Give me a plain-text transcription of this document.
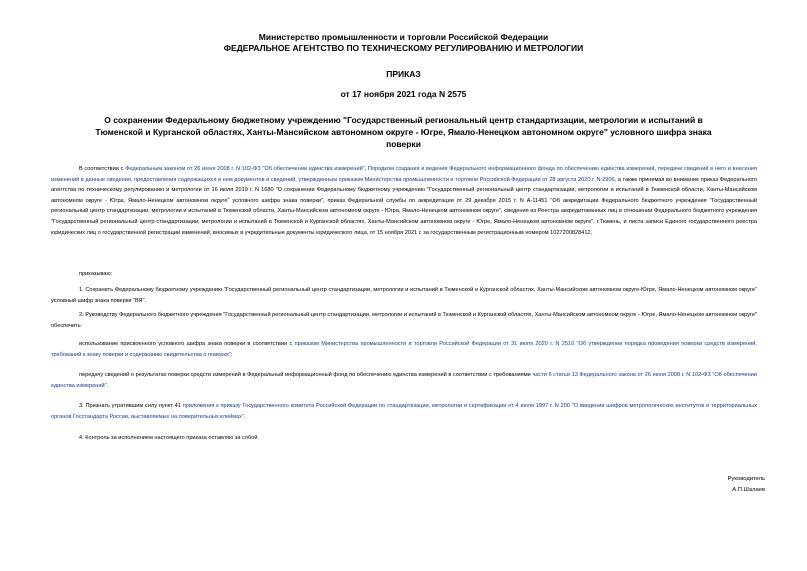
Министерство промышленности и торговли Российской Федерации
ФЕДЕРАЛЬНОЕ АГЕНТСТВО ПО ТЕХНИЧЕСКОМУ РЕГУЛИРОВАНИЮ И МЕТРОЛОГИИ
ПРИКАЗ
от 17 ноября 2021 года N 2575
О сохранении Федеральному бюджетному учреждению "Государственный региональный центр стандартизации, метрологии и испытаний в Тюменской и Курганской областях, Ханты-Мансийском автономном округе - Югре, Ямало-Ненецком автономном округе" условного шифра знака поверки
В соответствии с Федеральным законом от 26 июня 2008 г. N 102-ФЗ "Об обеспечении единства измерений", Порядком создания и ведения Федерального информационного фонда по обеспечению единства измерений, передачи сведений в него и внесения изменений в данные сведения, предоставления содержащихся в нем документов и сведений, утвержденным приказом Министерства промышленности и торговли Российской Федерации от 28 августа 2020 г. N 2906, а также принимая во внимание приказ Федерального агентства по техническому регулированию и метрологии от 16 июля 2019 г. N 1680 "О сохранении Федеральному бюджетному учреждению "Государственный региональный центр стандартизации, метрологии и испытаний в Тюменской области, Ханты-Мансийском автономном округе - Югра, Ямало-Ненецком автономном округе" условного шифра знака поверки", приказ Федеральной службы по аккредитации от 29 декабря 2015 г. N А-11451 "Об аккредитации Федерального бюджетного учреждения "Государственный региональный центр стандартизации, метрологии и испытаний в Тюменской области, Ханты-Мансийском автономном округе - Югра, Ямало-Ненецком автономном округе", сведения из Реестра аккредитованных лиц в отношении Федерального бюджетного учреждения "Государственный региональный центр стандартизации, метрологии и испытаний в Тюменской и Курганской областях, Ханты-Мансийском автономном округе - Югре, Ямало-Ненецком автономном округе", г.Тюмень, и листа записи Единого государственного реестра юридических лиц о государственной регистрации изменений, вносимых в учредительные документы юридического лица, от 15 ноября 2021 г. за государственным регистрационным номером 1027200828412,
приказываю:
1. Сохранить Федеральному бюджетному учреждению "Государственный региональный центр стандартизации, метрологии и испытаний в Тюменской и Курганской областях, Ханты-Мансийском автономном округе-Югре, Ямало-Ненецком автономном округе" условный шифр знака поверки "ВЯ".
2. Руководству Федерального бюджетного учреждения "Государственный региональный центр стандартизации, метрологии и испытаний в Тюменской и Курганской областях, Ханты-Мансийском автономном округе - Югре, Ямало-Ненецком автономном округе" обеспечить:
использование присвоенного условного шифра знака поверки в соответствии с приказом Министерства промышленности и торговли Российской Федерации от 31 июля 2020 г. N 2510 "Об утверждении порядка проведения поверки средств измерений, требований к знаку поверки и содержанию свидетельства о поверке";
передачу сведений о результатах поверки средств измерений в Федеральный информационный фонд по обеспечению единства измерений в соответствии с требованиями части 6 статьи 13 Федерального закона от 26 июня 2008 г. N 102-ФЗ "Об обеспечении единства измерений".
3. Признать утратившим силу пункт 41 приложения к приказу Государственного комитета Российской Федерации по стандартизации, метрологии и сертификации от 4 июля 1997 г. N 200 "О введении шифров метрологических институтов и территориальных органов Госстандарта России, выставляемых на поверительных клеймах".
4. Контроль за исполнением настоящего приказа оставляю за собой.
Руководитель
А.П.Шалаев
